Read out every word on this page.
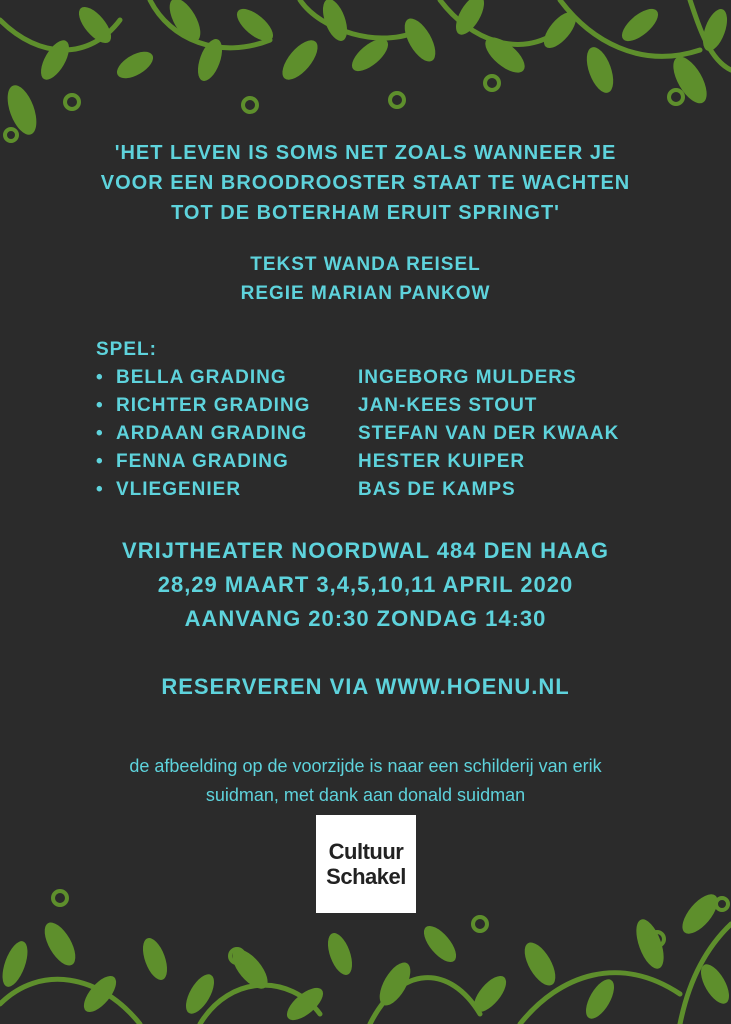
'HET LEVEN IS SOMS NET ZOALS WANNEER JE
VOOR EEN BROODROOSTER STAAT TE WACHTEN
TOT DE BOTERHAM ERUIT SPRINGT'
TEKST WANDA REISEL
REGIE MARIAN PANKOW
SPEL:
• BELLA GRADING	INGEBORG MULDERS
• RICHTER GRADING	JAN-KEES STOUT
• ARDAAN GRADING	STEFAN VAN DER KWAAK
• FENNA GRADING	HESTER KUIPER
• VLIEGENIER	BAS DE KAMPS
VRIJTHEATER NOORDWAL 484 DEN HAAG
28,29 MAART 3,4,5,10,11 APRIL 2020
AANVANG 20:30 ZONDAG 14:30
RESERVEREN VIA WWW.HOENU.NL
de afbeelding op de voorzijde is naar een schilderij van erik
suidman, met dank aan donald suidman
Cultuur
Schakel
